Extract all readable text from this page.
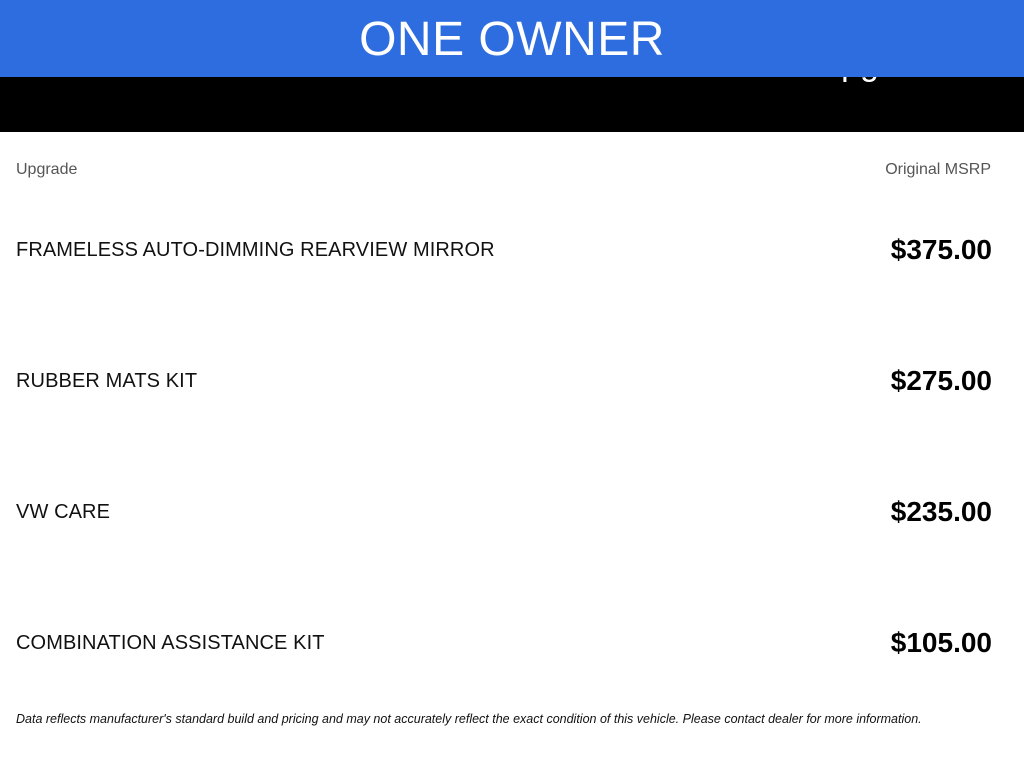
ONE OWNER
Upgrade	Original MSRP
FRAMELESS AUTO-DIMMING REARVIEW MIRROR	$375.00
RUBBER MATS KIT	$275.00
VW CARE	$235.00
COMBINATION ASSISTANCE KIT	$105.00
Data reflects manufacturer's standard build and pricing and may not accurately reflect the exact condition of this vehicle. Please contact dealer for more information.
